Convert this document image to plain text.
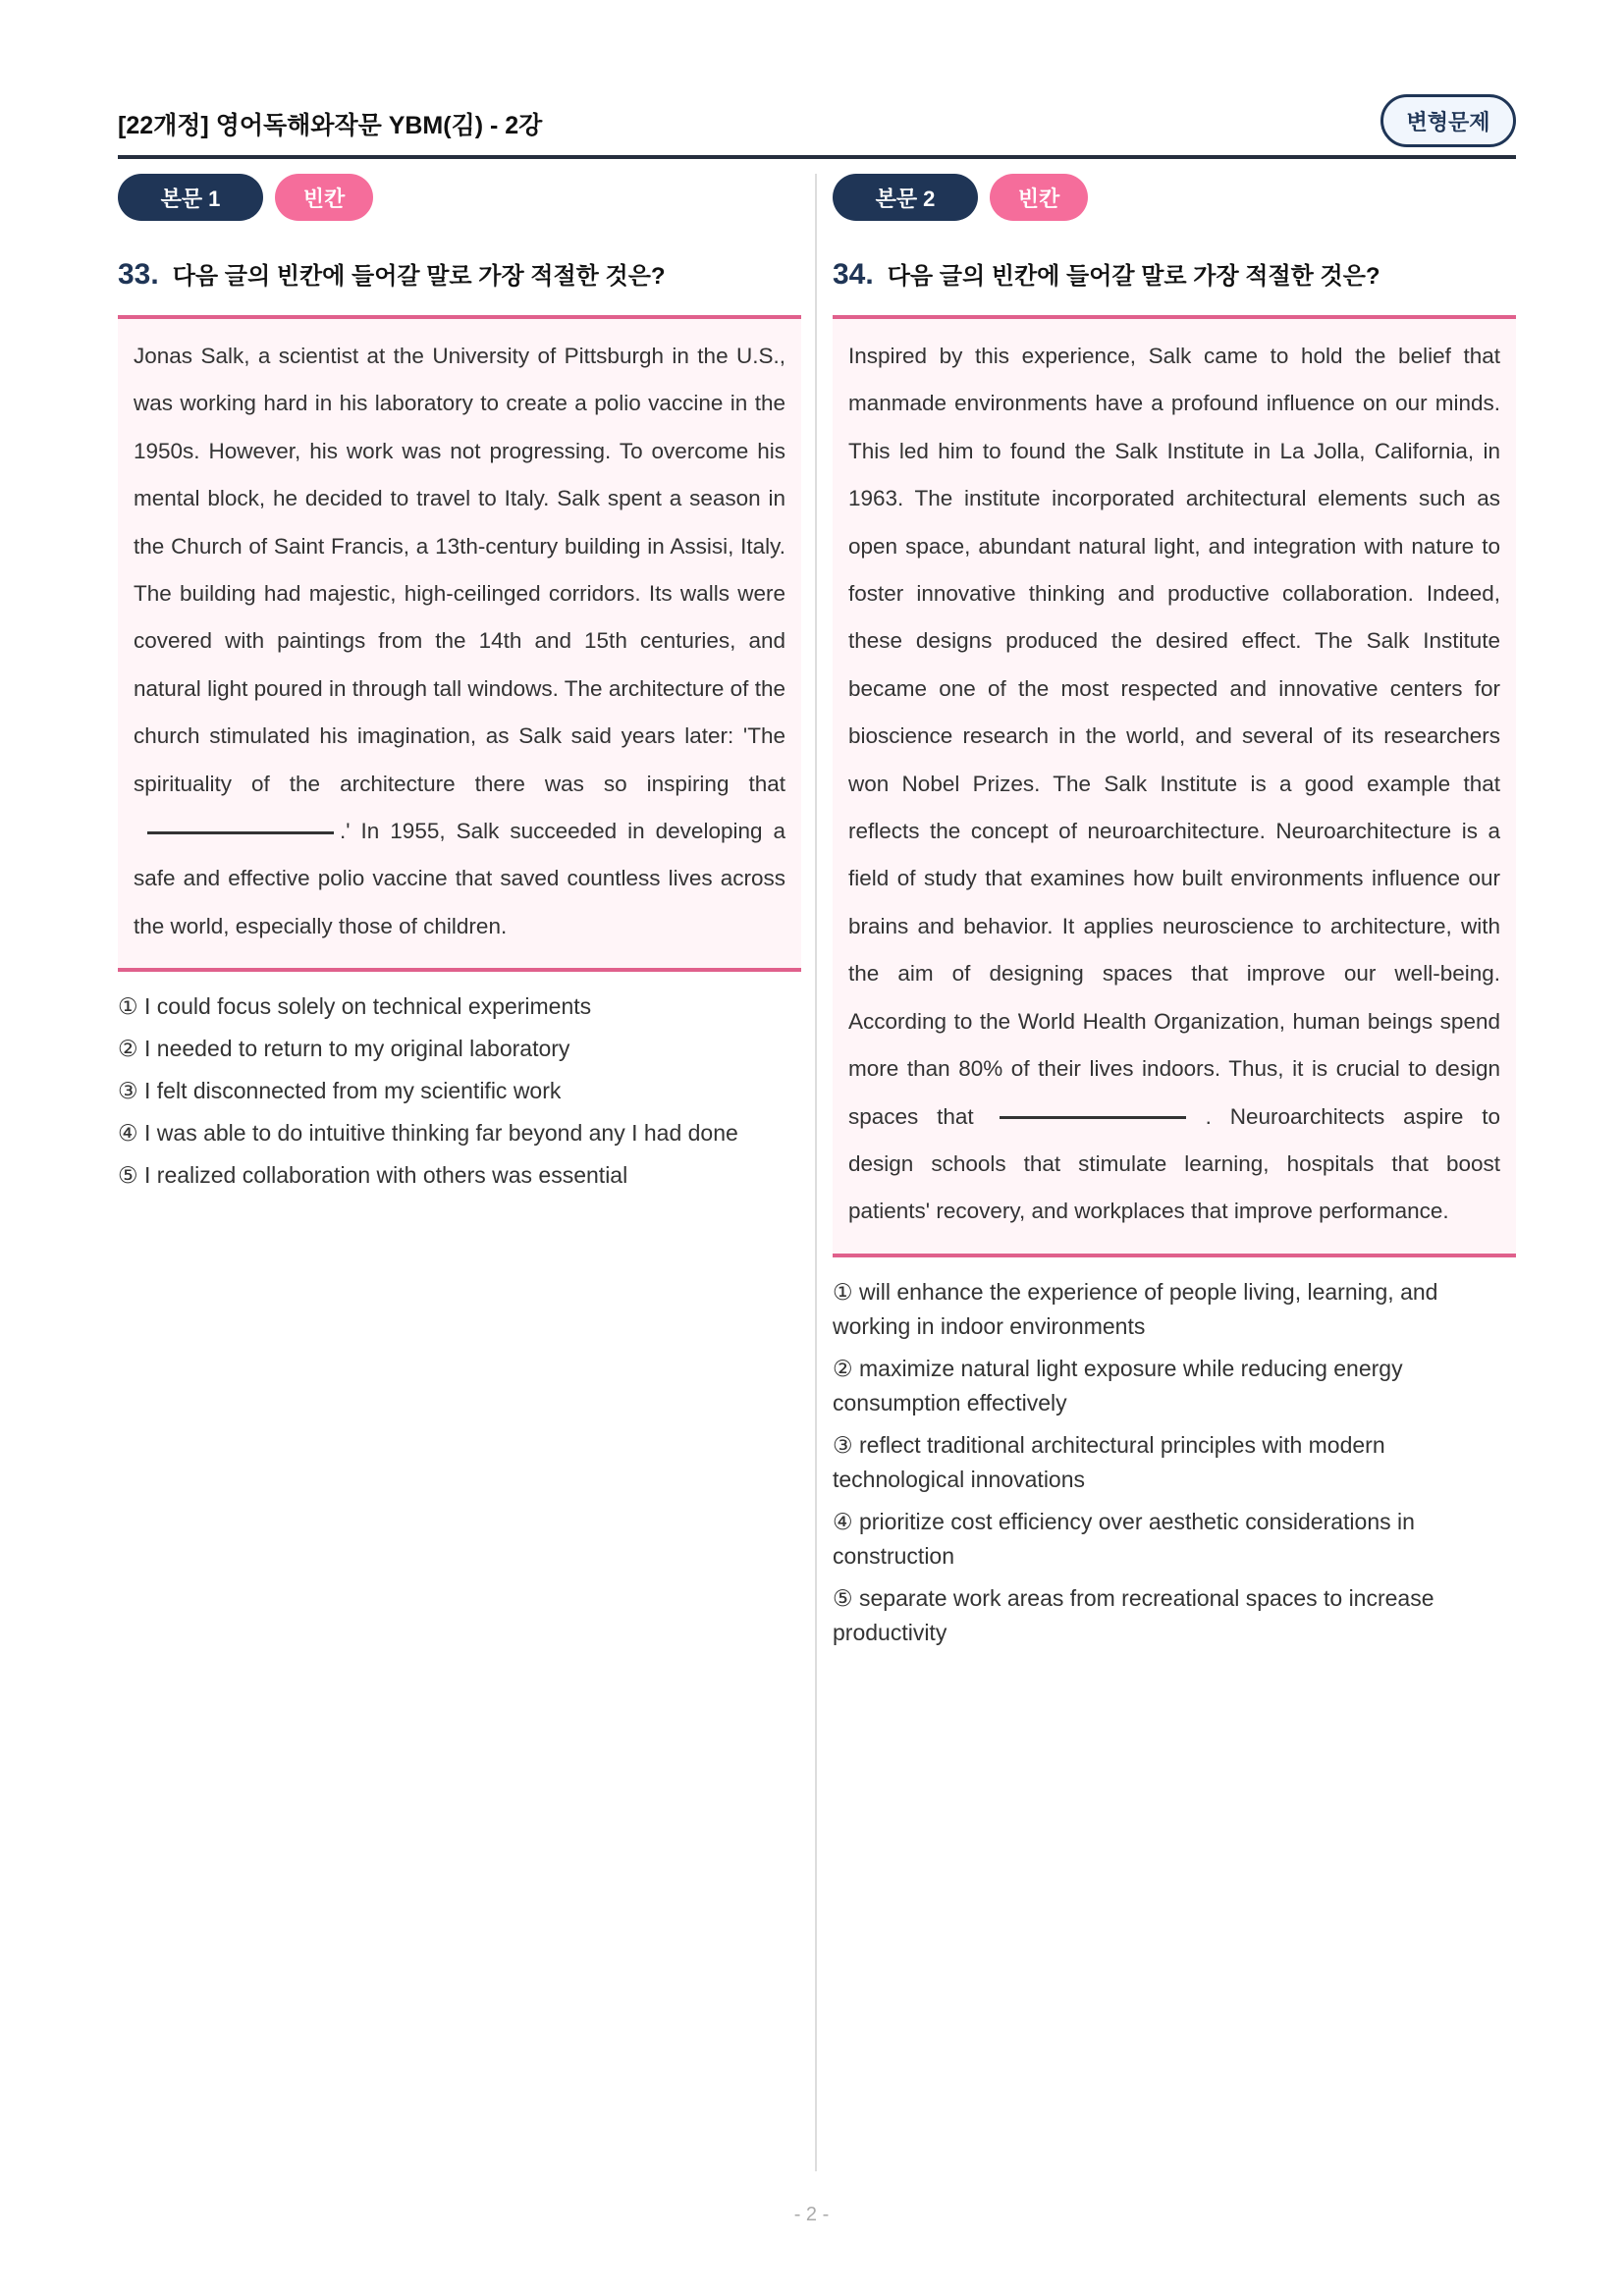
[22개정] 영어독해와작문 YBM(김) - 2강	변형문제
본문 1	빈칸
33. 다음 글의 빈칸에 들어갈 말로 가장 적절한 것은?
Jonas Salk, a scientist at the University of Pittsburgh in the U.S., was working hard in his laboratory to create a polio vaccine in the 1950s. However, his work was not progressing. To overcome his mental block, he decided to travel to Italy. Salk spent a season in the Church of Saint Francis, a 13th-century building in Assisi, Italy. The building had majestic, high-ceilinged corridors. Its walls were covered with paintings from the 14th and 15th centuries, and natural light poured in through tall windows. The architecture of the church stimulated his imagination, as Salk said years later: 'The spirituality of the architecture there was so inspiring that.' In 1955, Salk succeeded in developing a safe and effective polio vaccine that saved countless lives across the world, especially those of children.
① I could focus solely on technical experiments
② I needed to return to my original laboratory
③ I felt disconnected from my scientific work
④ I was able to do intuitive thinking far beyond any I had done
⑤ I realized collaboration with others was essential
본문 2	빈칸
34. 다음 글의 빈칸에 들어갈 말로 가장 적절한 것은?
Inspired by this experience, Salk came to hold the belief that manmade environments have a profound influence on our minds. This led him to found the Salk Institute in La Jolla, California, in 1963. The institute incorporated architectural elements such as open space, abundant natural light, and integration with nature to foster innovative thinking and productive collaboration. Indeed, these designs produced the desired effect. The Salk Institute became one of the most respected and innovative centers for bioscience research in the world, and several of its researchers won Nobel Prizes. The Salk Institute is a good example that reflects the concept of neuroarchitecture. Neuroarchitecture is a field of study that examines how built environments influence our brains and behavior. It applies neuroscience to architecture, with the aim of designing spaces that improve our well-being. According to the World Health Organization, human beings spend more than 80% of their lives indoors. Thus, it is crucial to design spaces that	. Neuroarchitects aspire to design schools that stimulate learning, hospitals that boost patients' recovery, and workplaces that improve performance.
① will enhance the experience of people living, learning, and working in indoor environments
② maximize natural light exposure while reducing energy consumption effectively
③ reflect traditional architectural principles with modern technological innovations
④ prioritize cost efficiency over aesthetic considerations in construction
⑤ separate work areas from recreational spaces to increase productivity
- 2 -
